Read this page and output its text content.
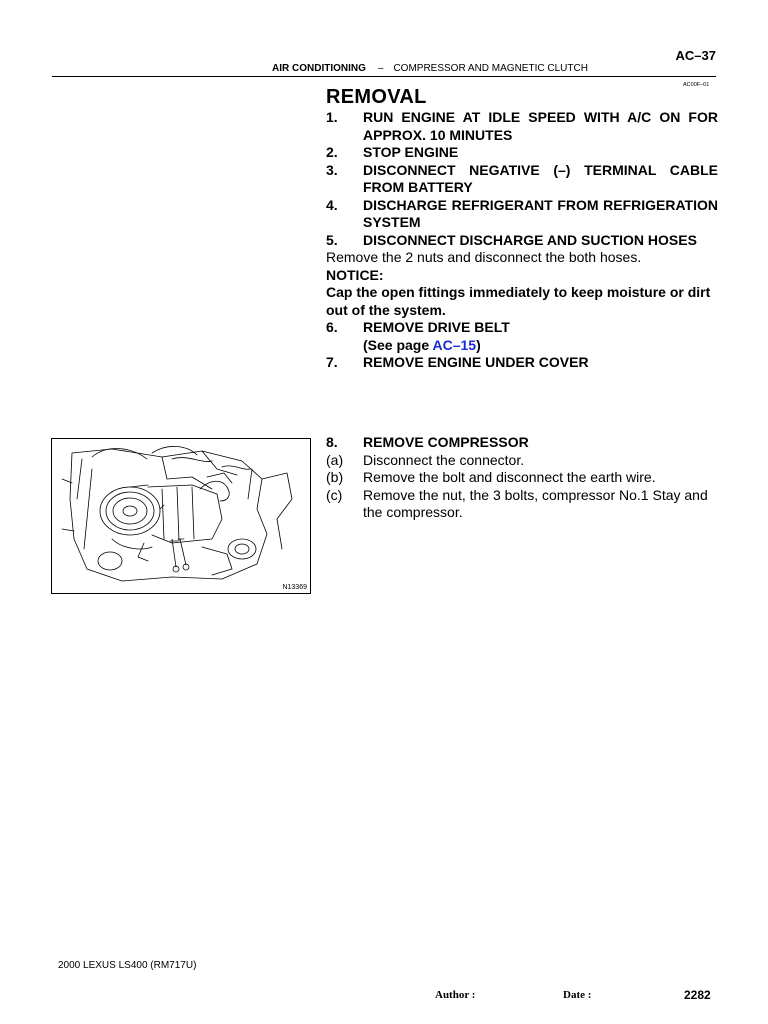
AC–37
AIR CONDITIONING – COMPRESSOR AND MAGNETIC CLUTCH
AC00F–01
REMOVAL
1. RUN ENGINE AT IDLE SPEED WITH A/C ON FOR APPROX. 10 MINUTES
2. STOP ENGINE
3. DISCONNECT NEGATIVE (–) TERMINAL CABLE FROM BATTERY
4. DISCHARGE REFRIGERANT FROM REFRIGERATION SYSTEM
5. DISCONNECT DISCHARGE AND SUCTION HOSES
Remove the 2 nuts and disconnect the both hoses.
NOTICE:
Cap the open fittings immediately to keep moisture or dirt out of the system.
6. REMOVE DRIVE BELT
(See page AC–15)
7. REMOVE ENGINE UNDER COVER
8. REMOVE COMPRESSOR
(a) Disconnect the connector.
(b) Remove the bolt and disconnect the earth wire.
(c) Remove the nut, the 3 bolts, compressor No.1 Stay and the compressor.
N13369
2000 LEXUS LS400 (RM717U)
Author :	Date :	2282
